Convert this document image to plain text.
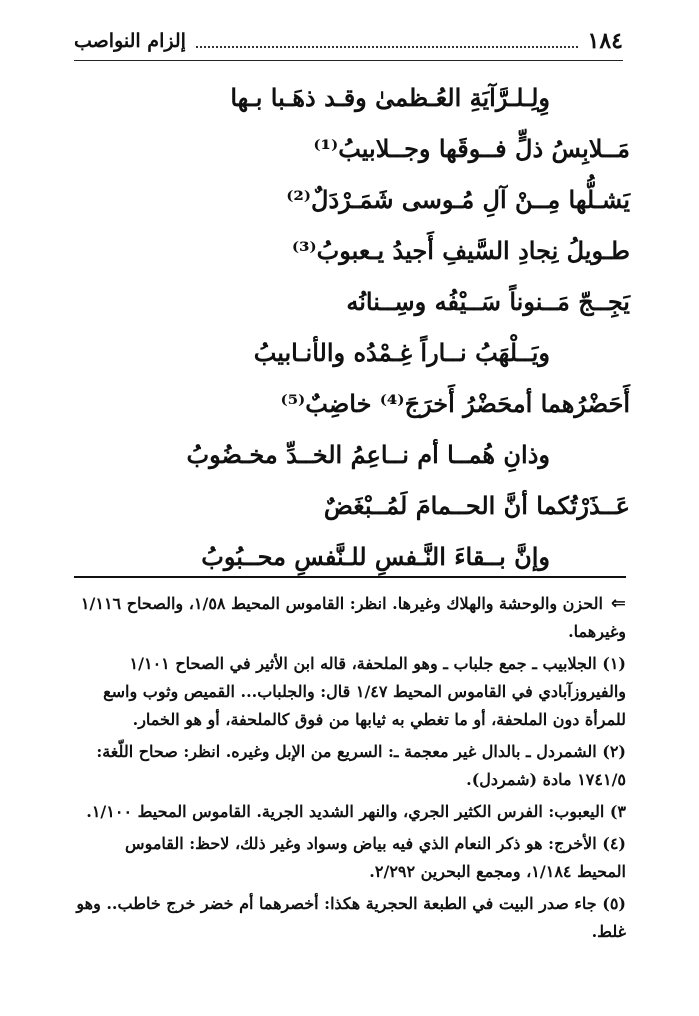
١٨٤
إلزام النواصب
وِلِـلـرَّآيَةِ العُـظمىٰ وقـد ذهَـبا بـها
مَــلابِسُ ذلٍّ فــوقَها وجــلابيبُ⁽¹⁾
يَشـلُّها مِــنْ آلِ مُـوسى شَمَـرْدَلٌ⁽²⁾
طـويلُ نِجادِ السَّيفِ أَجيدُ يـعبوبُ⁽³⁾
يَجِــجّ مَــنوناً سَــيْفُه وسِــنانُه
ويَــلْهَبُ نــاراً غِـمْدُه والأنـابيبُ
أَحَضْرُهما أمحَضْرُ أَخرَجَ⁽⁴⁾ خاضِبٌ⁽⁵⁾
وذانِ هُمــا أم نــاعِمُ الخــدِّ مخـضُوبُ
عَــذَرْتُكما أنَّ الحــمامَ لَمُــبْغَضٌ
وإنَّ بــقاءَ النَّـفسِ للـنَّفسِ محــبُوبُ

⇐الحزن والوحشة والهلاك وغيرها. انظر: القاموس المحيط ١/٥٨، والصحاح ١/١١٦ وغيرهما.

(١) الجلابيب ـ جمع جلباب ـ وهو الملحفة، قاله ابن الأثير في الصحاح ١/١٠١ والفيروزآبادي في القاموس المحيط ١/٤٧ قال: والجلباب... القميص وثوب واسع للمرأة دون الملحفة، أو ما تغطي به ثيابها من فوق كالملحفة، أو هو الخمار.

(٢) الشمردل ـ بالدال غير معجمة ـ: السريع من الإبل وغيره. انظر: صحاح اللّغة: ١٧٤١/٥ مادة (شمردل).

٣) اليعبوب: الفرس الكثير الجري، والنهر الشديد الجرية. القاموس المحيط ١/١٠٠.

(٤) الأخرج: هو ذكر النعام الذي فيه بياض وسواد وغير ذلك، لاحظ: القاموس المحيط ١/١٨٤، ومجمع البحرين ٢/٢٩٢.

(٥) جاء صدر البيت في الطبعة الحجرية هكذا: أخصرهما أم خضر خرج خاطب.. وهو غلط.
